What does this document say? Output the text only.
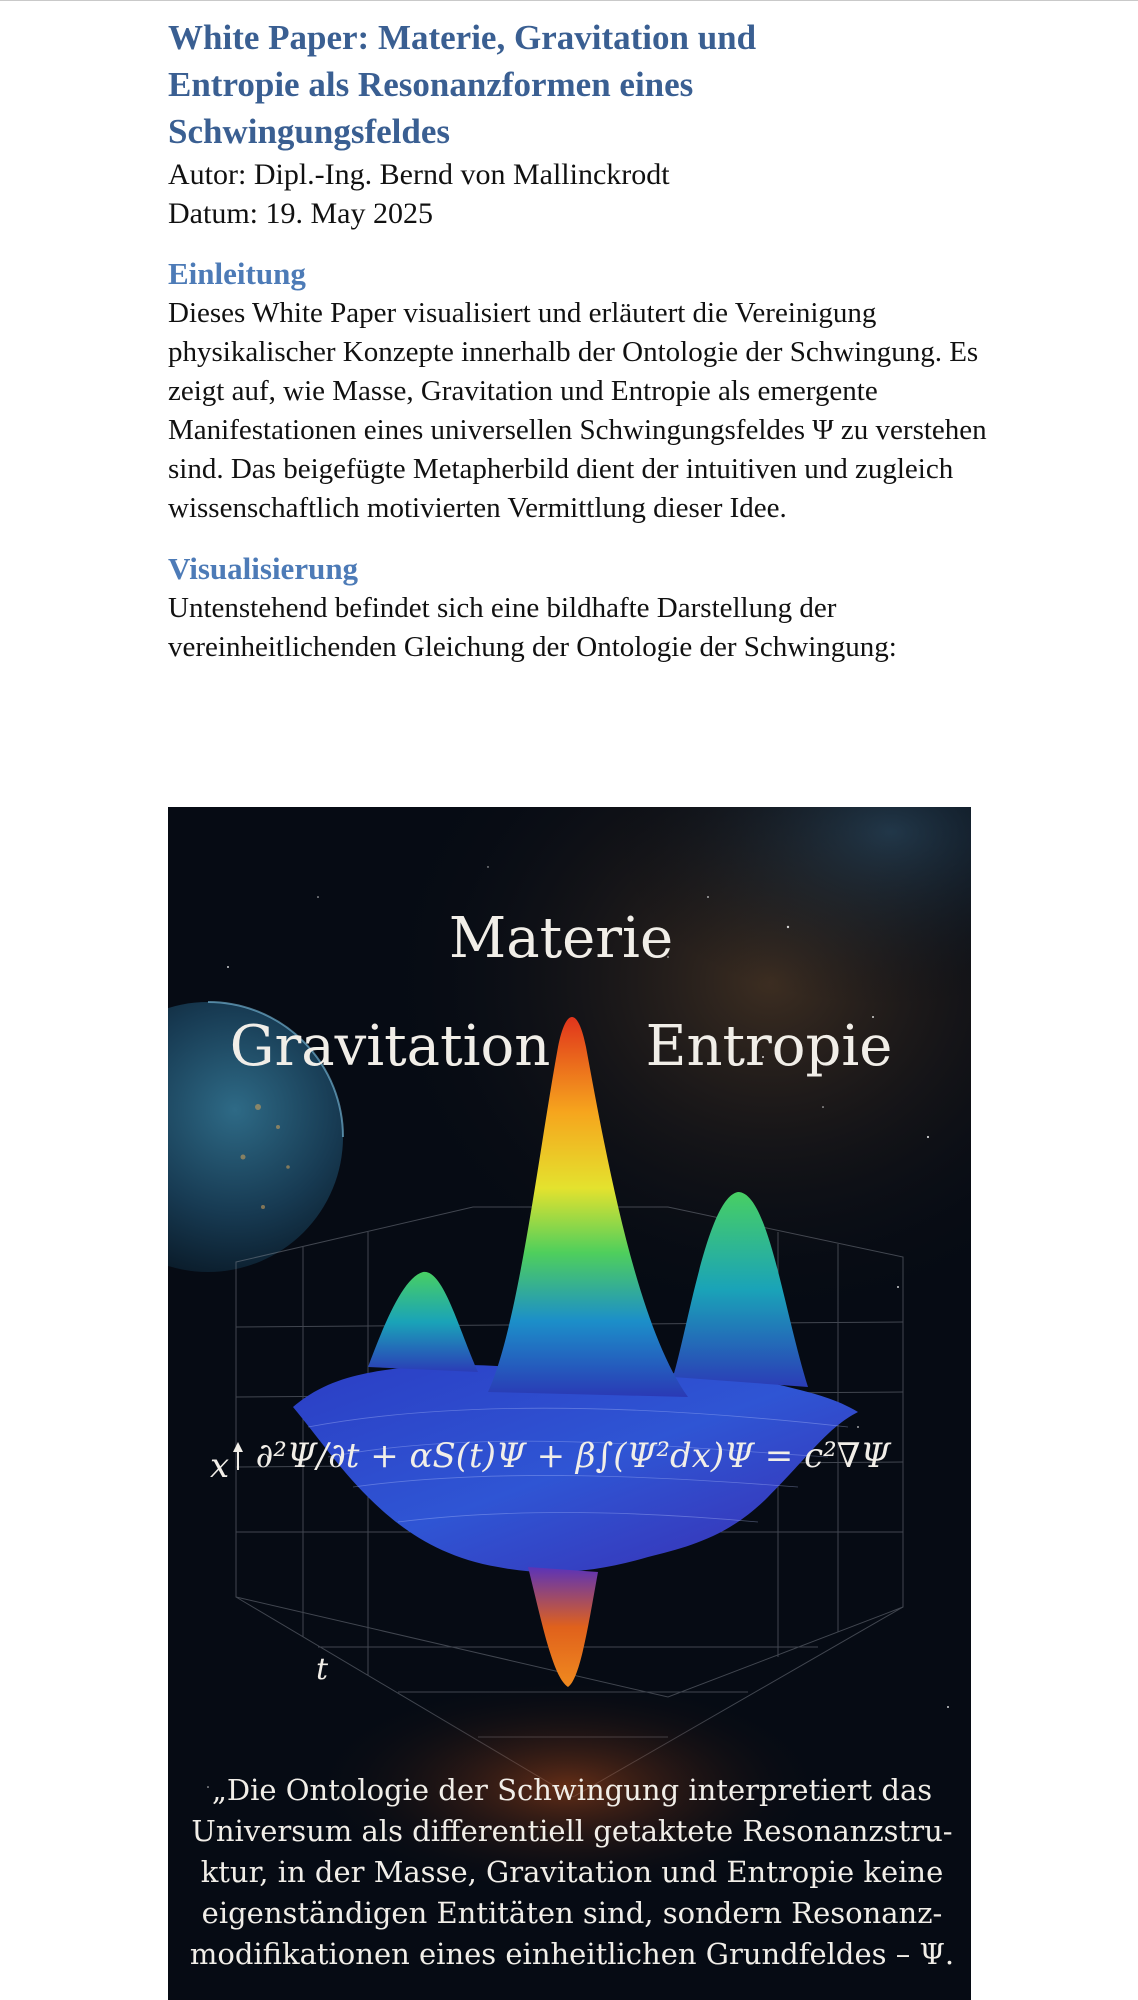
White Paper: Materie, Gravitation und Entropie als Resonanzformen eines Schwingungsfeldes
Autor: Dipl.-Ing. Bernd von Mallinckrodt
Datum: 19. May 2025
Einleitung

Dieses White Paper visualisiert und erläutert die Vereinigung physikalischer Konzepte innerhalb der Ontologie der Schwingung. Es zeigt auf, wie Masse, Gravitation und Entropie als emergente Manifestationen eines universellen Schwingungsfeldes Ψ zu verstehen sind. Das beigefügte Metapherbild dient der intuitiven und zugleich wissenschaftlich motivierten Vermittlung dieser Idee.

Visualisierung

Untenstehend befindet sich eine bildhafte Darstellung der vereinheitlichenden Gleichung der Ontologie der Schwingung:

Materie
Gravitation Entropie
x
t
∂²Ψ/∂t + αS(t)Ψ + β∫(Ψ²dx)Ψ = c²∇Ψ
„Die Ontologie der Schwingung interpretiert das
Universum als differentiell getaktete Resonanzstru-
ktur, in der Masse, Gravitation und Entropie keine
eigenständigen Entitäten sind, sondern Resonanz-
modifikationen eines einheitlichen Grundfeldes – Ψ.
